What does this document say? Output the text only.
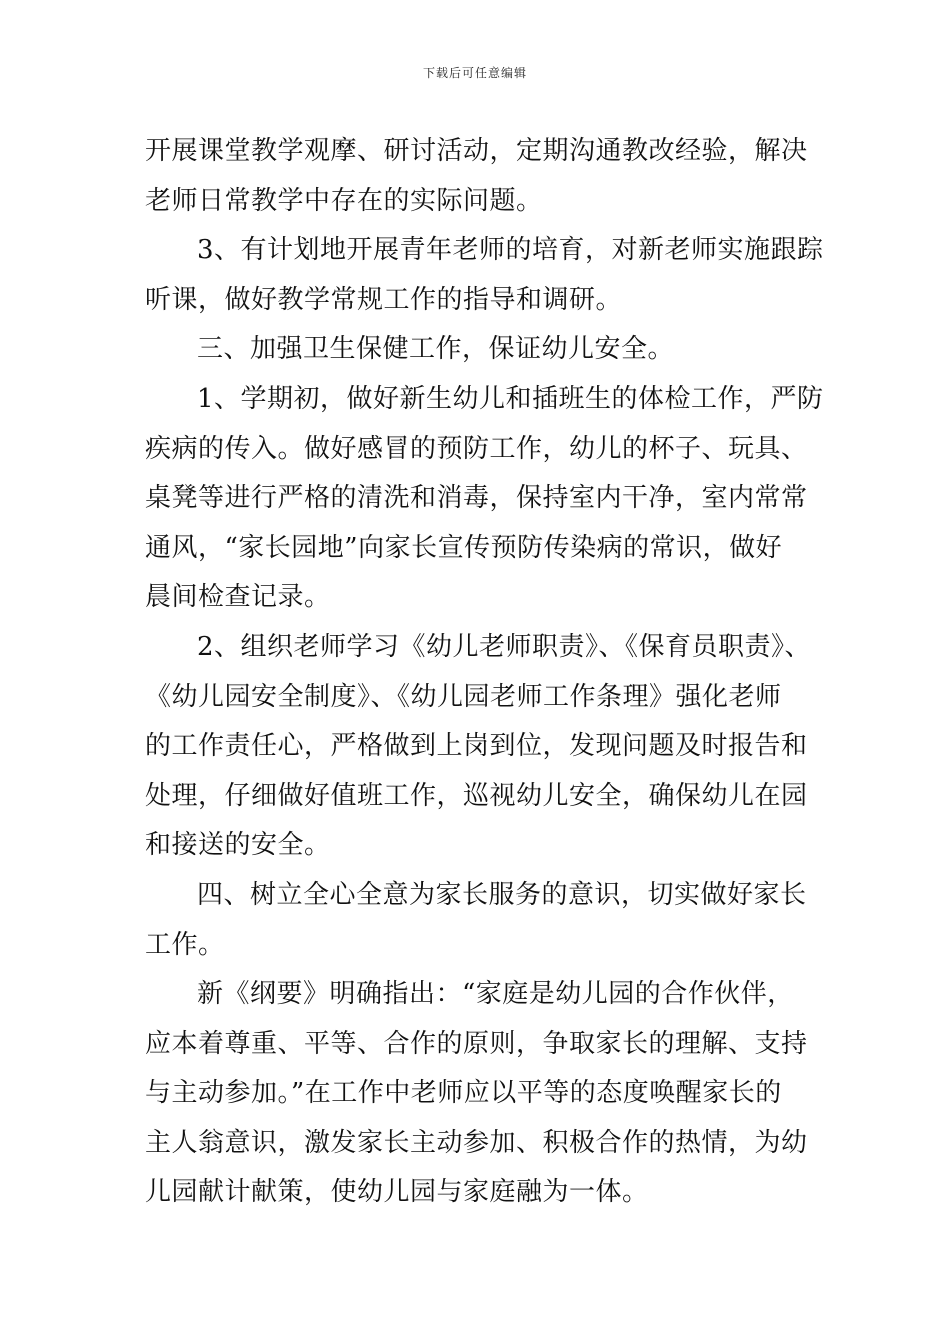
下载后可任意编辑
开展课堂教学观摩、研讨活动，定期沟通教改经验，解决
老师日常教学中存在的实际问题。
3、有计划地开展青年老师的培育，对新老师实施跟踪
听课，做好教学常规工作的指导和调研。
三、加强卫生保健工作，保证幼儿安全。
1、学期初，做好新生幼儿和插班生的体检工作，严防
疾病的传入。做好感冒的预防工作，幼儿的杯子、玩具、
桌凳等进行严格的清洗和消毒，保持室内干净，室内常常
通风，“家长园地”向家长宣传预防传染病的常识，做好
晨间检查记录。
2、组织老师学习《幼儿老师职责》、《保育员职责》、
《幼儿园安全制度》、《幼儿园老师工作条理》强化老师
的工作责任心，严格做到上岗到位，发现问题及时报告和
处理，仔细做好值班工作，巡视幼儿安全，确保幼儿在园
和接送的安全。
四、树立全心全意为家长服务的意识，切实做好家长
工作。
新《纲要》明确指出：“家庭是幼儿园的合作伙伴，
应本着尊重、平等、合作的原则，争取家长的理解、支持
与主动参加。”在工作中老师应以平等的态度唤醒家长的
主人翁意识，激发家长主动参加、积极合作的热情，为幼
儿园献计献策，使幼儿园与家庭融为一体。
